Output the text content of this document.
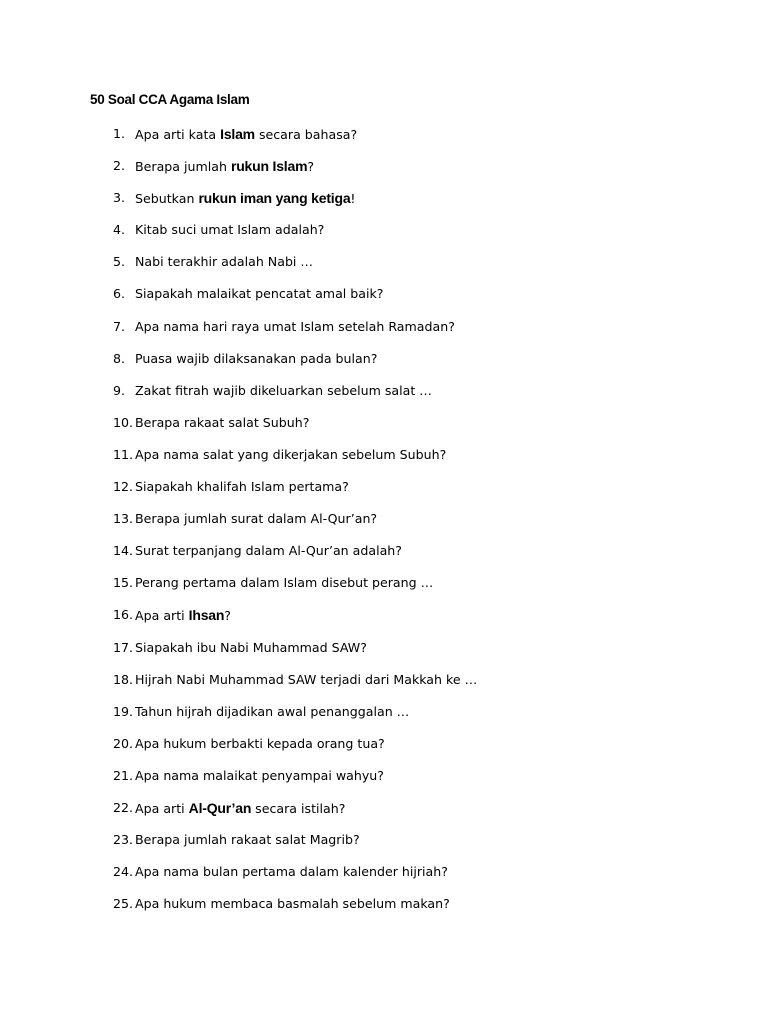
50 Soal CCA Agama Islam
1. Apa arti kata Islam secara bahasa?
2. Berapa jumlah rukun Islam?
3. Sebutkan rukun iman yang ketiga!
4. Kitab suci umat Islam adalah?
5. Nabi terakhir adalah Nabi …
6. Siapakah malaikat pencatat amal baik?
7. Apa nama hari raya umat Islam setelah Ramadan?
8. Puasa wajib dilaksanakan pada bulan?
9. Zakat fitrah wajib dikeluarkan sebelum salat …
10. Berapa rakaat salat Subuh?
11. Apa nama salat yang dikerjakan sebelum Subuh?
12. Siapakah khalifah Islam pertama?
13. Berapa jumlah surat dalam Al-Qur’an?
14. Surat terpanjang dalam Al-Qur’an adalah?
15. Perang pertama dalam Islam disebut perang …
16. Apa arti Ihsan?
17. Siapakah ibu Nabi Muhammad SAW?
18. Hijrah Nabi Muhammad SAW terjadi dari Makkah ke …
19. Tahun hijrah dijadikan awal penanggalan …
20. Apa hukum berbakti kepada orang tua?
21. Apa nama malaikat penyampai wahyu?
22. Apa arti Al-Qur’an secara istilah?
23. Berapa jumlah rakaat salat Magrib?
24. Apa nama bulan pertama dalam kalender hijriah?
25. Apa hukum membaca basmalah sebelum makan?
